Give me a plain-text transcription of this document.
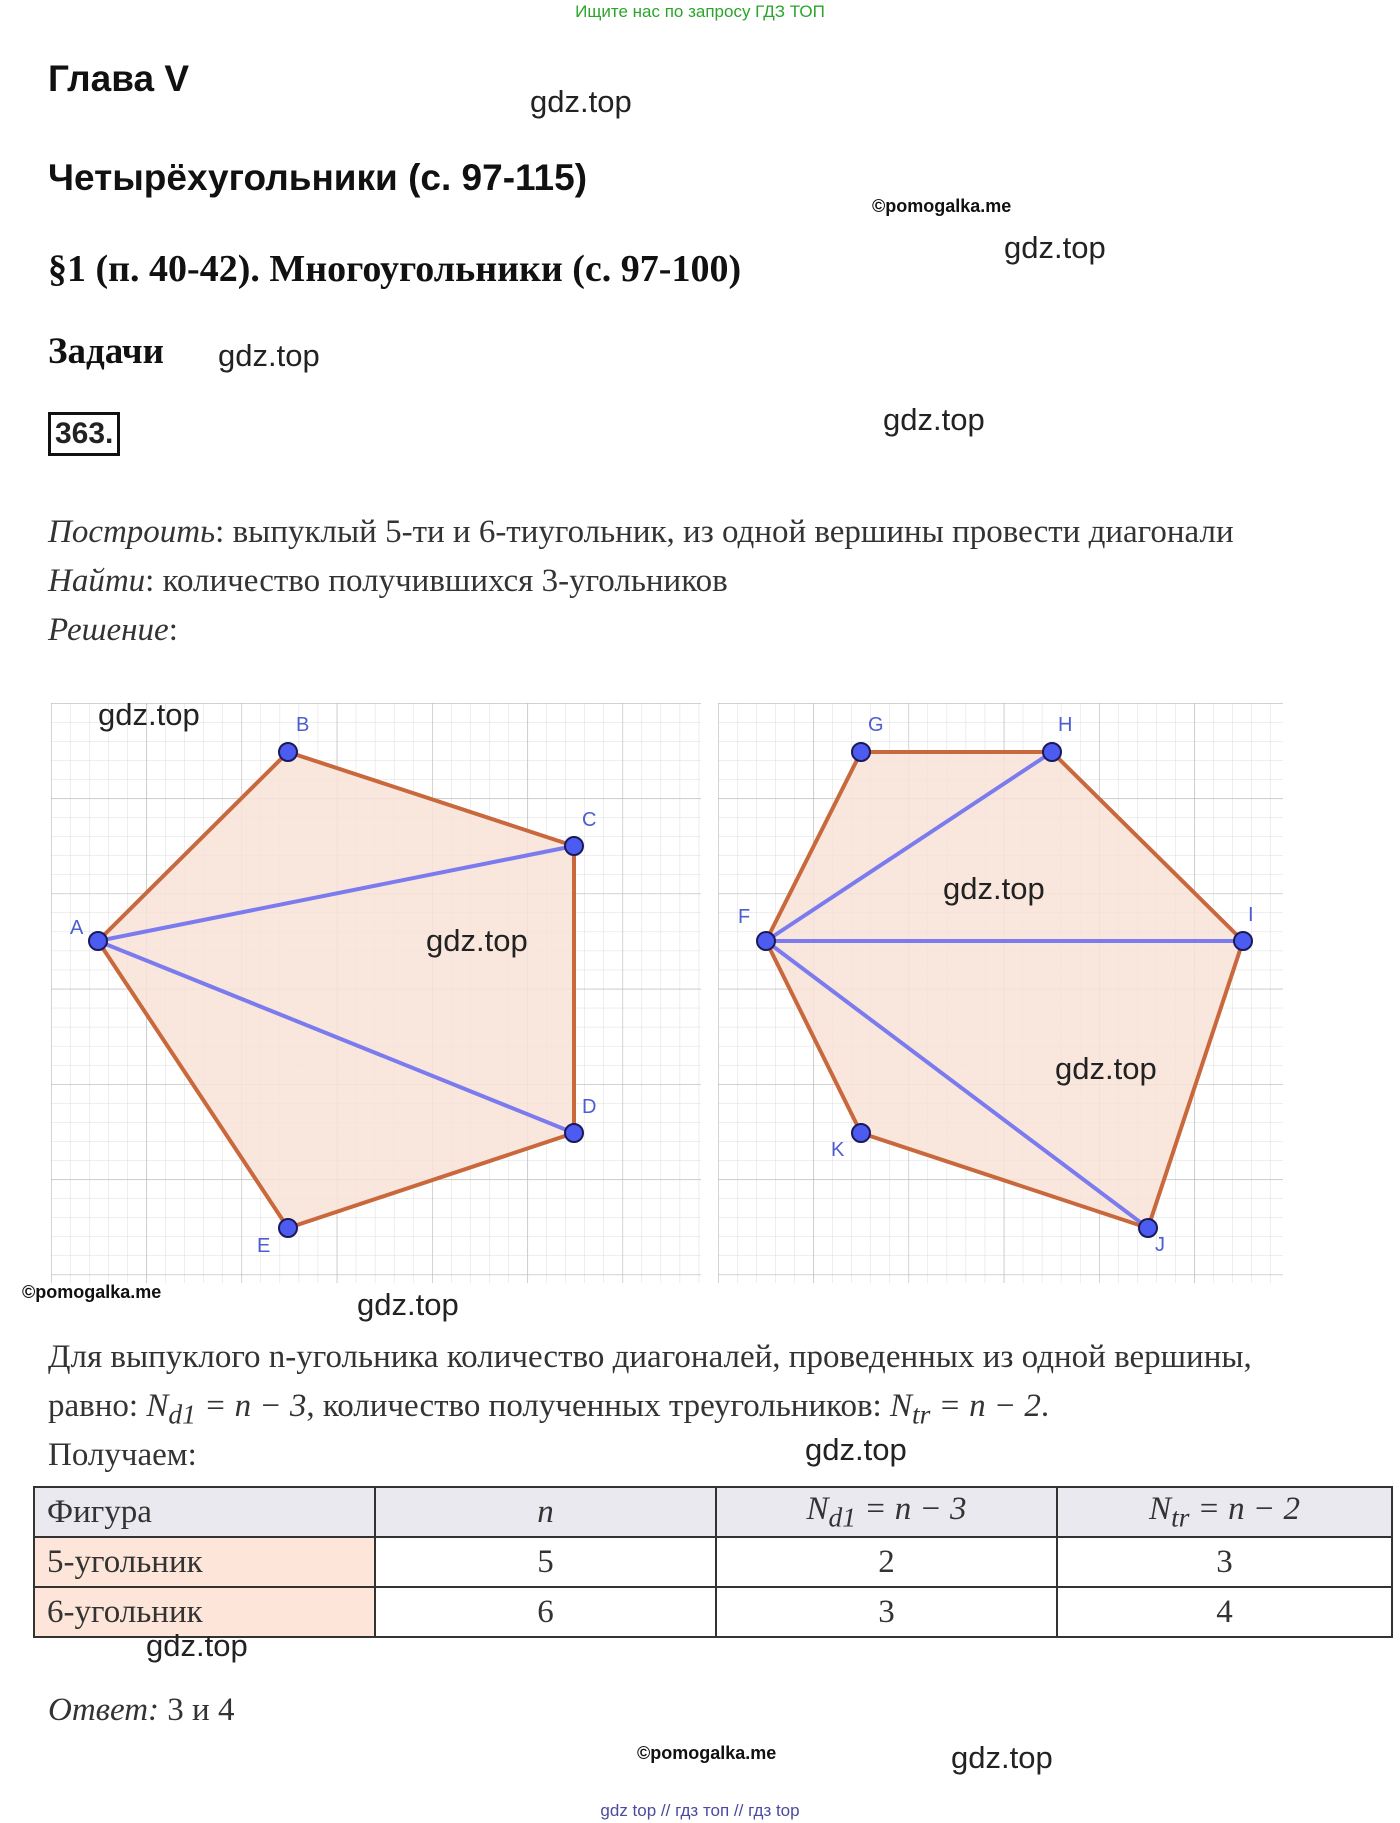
Ищите нас по запросу ГДЗ ТОП
Глава V
Четырёхугольники (с. 97-115)
§1 (п. 40-42). Многоугольники (с. 97-100)
Задачи
363.
gdz.top
©pomogalka.me
gdz.top
gdz.top
gdz.top
Построить: выпуклый 5-ти и 6-тиугольник, из одной вершины провести диагонали
Найти: количество получившихся 3-угольников
Решение:
A
B
C
D
E
F
G	H
I
J
K
gdz.top
gdz.top
gdz.top
gdz.top
©pomogalka.me	gdz.top
Для выпуклого n-угольника количество диагоналей, проведенных из одной вершины,
равно: $N_{d1} = n - 3$, количество полученных треугольников: $N_{tr} = n - 2$.
Получаем:	gdz.top
Фигура	n	$N_{d1} = n - 3$	$N_{tr} = n - 2$
5-угольник	5	2	3
6-угольник	6	3	4
gdz.top
Ответ: 3 и 4
©pomogalka.me	gdz.top
gdz top // гдз топ // гдз top
